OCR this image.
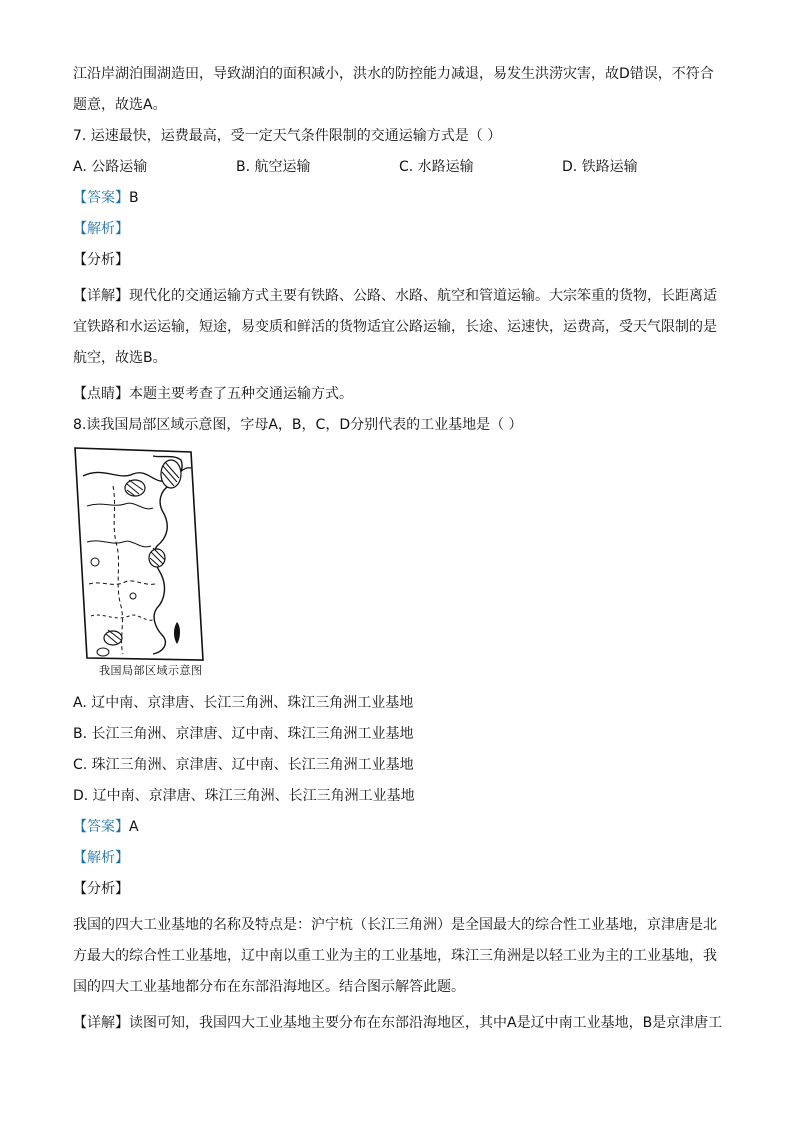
江沿岸湖泊围湖造田，导致湖泊的面积减小，洪水的防控能力减退，易发生洪涝灾害，故D错误，不符合

题意，故选A。

7. 运速最快，运费最高，受一定天气条件限制的交通运输方式是（ ）

A. 公路运输	B. 航空运输	C. 水路运输	D. 铁路运输

【答案】B

【解析】

【分析】

【详解】现代化的交通运输方式主要有铁路、公路、水路、航空和管道运输。大宗笨重的货物，长距离适

宜铁路和水运运输，短途，易变质和鲜活的货物适宜公路运输，长途、运速快，运费高，受天气限制的是

航空，故选B。

【点睛】本题主要考查了五种交通运输方式。

8.读我国局部区域示意图，字母A，B，C，D分别代表的工业基地是（ ）

我国局部区域示意图

A. 辽中南、京津唐、长江三角洲、珠江三角洲工业基地

B. 长江三角洲、京津唐、辽中南、珠江三角洲工业基地

C. 珠江三角洲、京津唐、辽中南、长江三角洲工业基地

D. 辽中南、京津唐、珠江三角洲、长江三角洲工业基地

【答案】A

【解析】

【分析】

我国的四大工业基地的名称及特点是：沪宁杭（长江三角洲）是全国最大的综合性工业基地，京津唐是北

方最大的综合性工业基地，辽中南以重工业为主的工业基地，珠江三角洲是以轻工业为主的工业基地，我

国的四大工业基地都分布在东部沿海地区。结合图示解答此题。

【详解】读图可知，我国四大工业基地主要分布在东部沿海地区，其中A是辽中南工业基地，B是京津唐工
